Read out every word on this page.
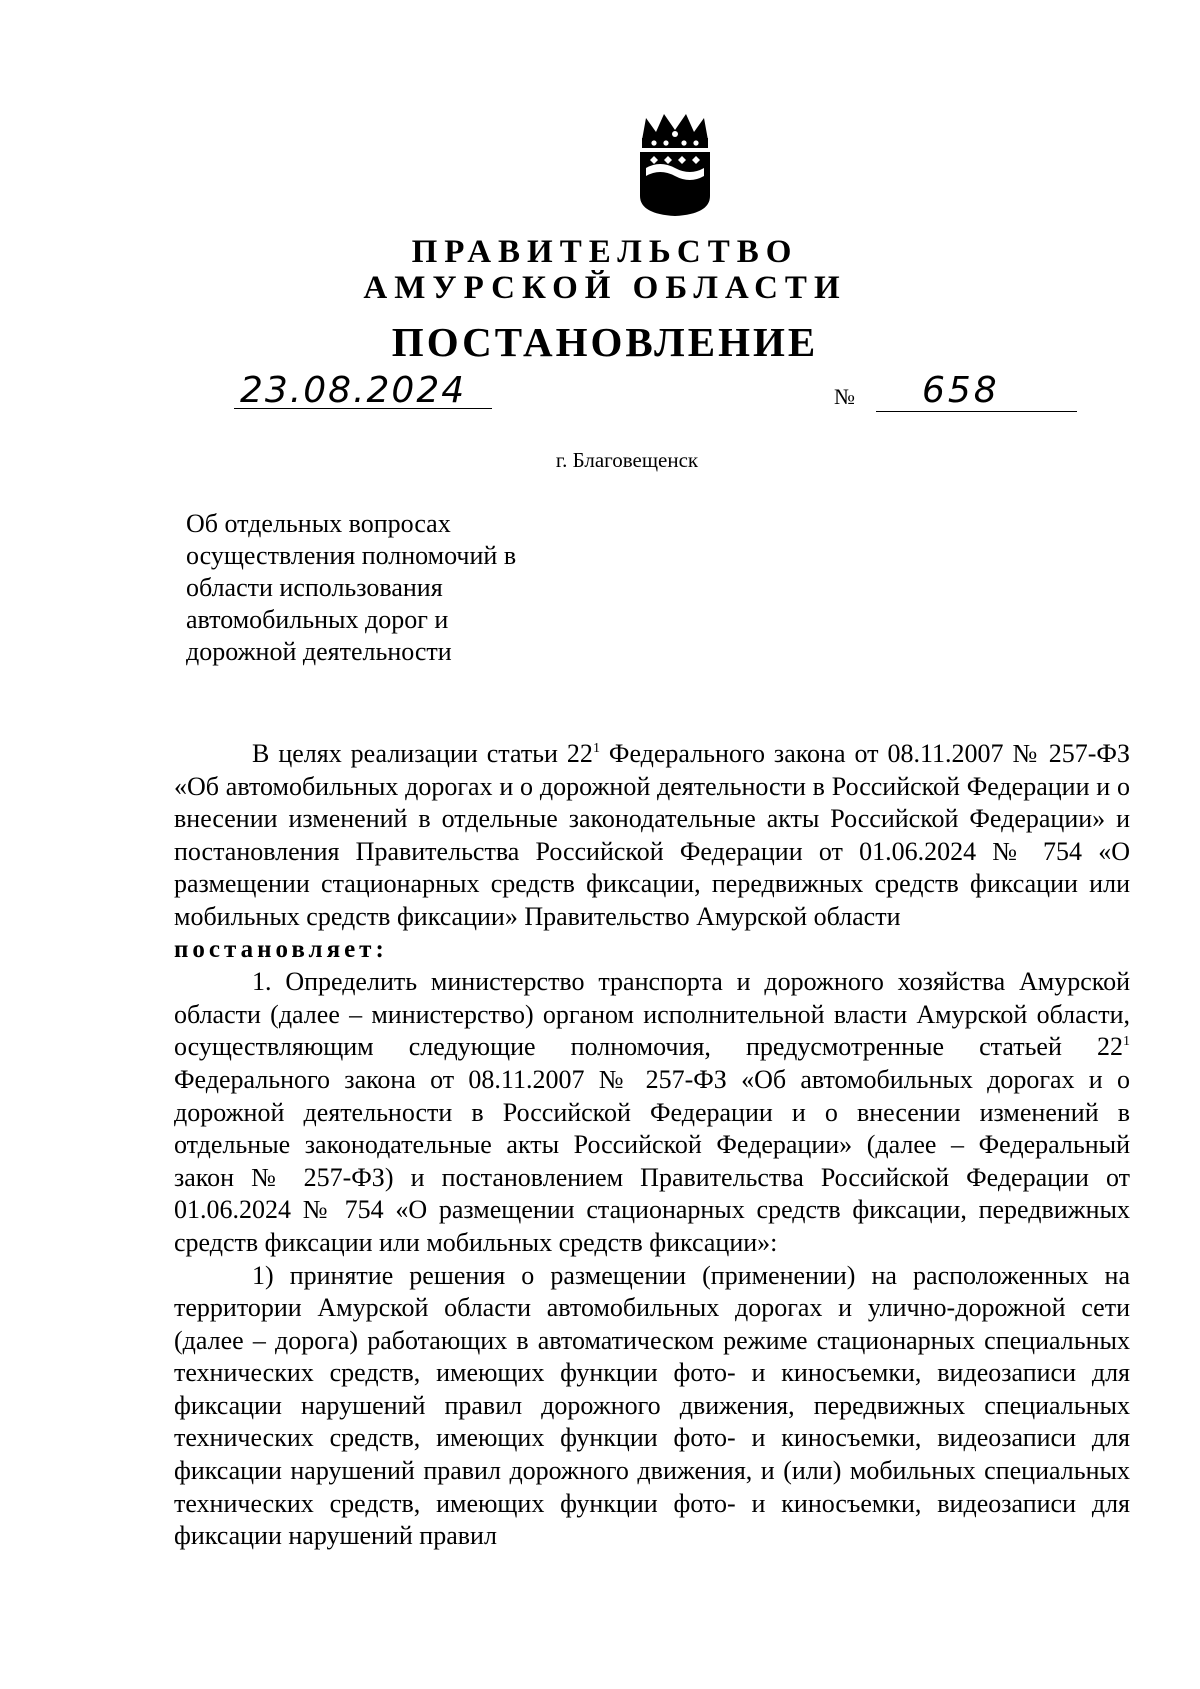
ПРАВИТЕЛЬСТВО
АМУРСКОЙ ОБЛАСТИ
ПОСТАНОВЛЕНИЕ
23.08.2024	№ 658
г. Благовещенск
Об отдельных вопросах
осуществления полномочий в
области использования
автомобильных дорог и
дорожной деятельности

В целях реализации статьи $22^1$ Федерального закона от 08.11.2007 № 257-ФЗ «Об автомобильных дорогах и о дорожной деятельности в Российской Федерации и о внесении изменений в отдельные законодательные акты Российской Федерации» и постановления Правительства Российской Федерации от 01.06.2024 № 754 «О размещении стационарных средств фиксации, передвижных средств фиксации или мобильных средств фиксации» Правительство Амурской области

постановляет:

1. Определить министерство транспорта и дорожного хозяйства Амурской области (далее – министерство) органом исполнительной власти Амурской области, осуществляющим следующие полномочия, предусмотренные статьей $22^1$ Федерального закона от 08.11.2007 № 257-ФЗ «Об автомобильных дорогах и о дорожной деятельности в Российской Федерации и о внесении изменений в отдельные законодательные акты Российской Федерации» (далее – Федеральный закон № 257-ФЗ) и постановлением Правительства Российской Федерации от 01.06.2024 № 754 «О размещении стационарных средств фиксации, передвижных средств фиксации или мобильных средств фиксации»:

1) принятие решения о размещении (применении) на расположенных на территории Амурской области автомобильных дорогах и улично-дорожной сети (далее – дорога) работающих в автоматическом режиме стационарных специальных технических средств, имеющих функции фото- и киносъемки, видеозаписи для фиксации нарушений правил дорожного движения, передвижных специальных технических средств, имеющих функции фото- и киносъемки, видеозаписи для фиксации нарушений правил дорожного движения, и (или) мобильных специальных технических средств, имеющих функции фото- и киносъемки, видеозаписи для фиксации нарушений правил
